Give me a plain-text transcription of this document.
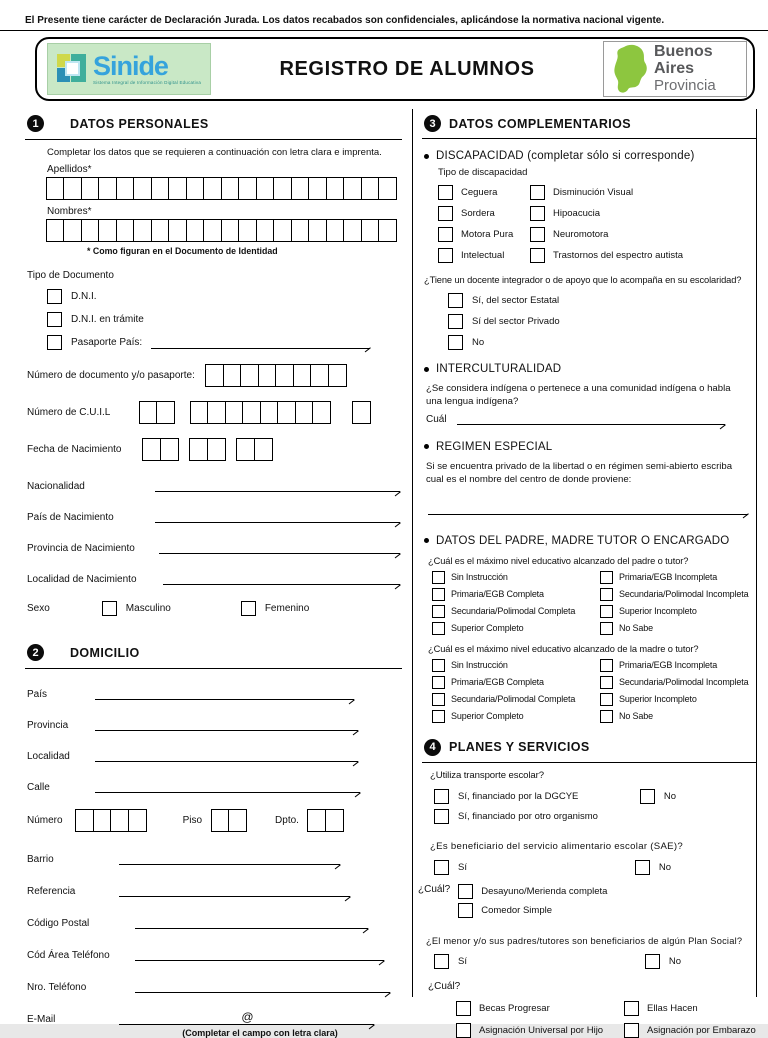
El Presente tiene carácter de Declaración Jurada. Los datos recabados son confidenciales, aplicándose la normativa nacional vigente.
Sinide
Sistema Integral de Información Digital Educativa
REGISTRO DE ALUMNOS
Buenos
Aires
Provincia
1	DATOS PERSONALES
Completar los datos que se requieren a continuación con letra clara e imprenta.
Apellidos*
Nombres*
* Como figuran en el Documento de Identidad
Tipo de Documento
D.N.I.
D.N.I. en trámite
Pasaporte País:
Número de documento y/o pasaporte:
Número de C.U.I.L
Fecha de Nacimiento
Nacionalidad
País de Nacimiento
Provincia de Nacimiento
Localidad de Nacimiento
Sexo	Masculino	Femenino
2	DOMICILIO
País
Provincia
Localidad
Calle
Número	Piso	Dpto.
Barrio
Referencia
Código Postal
Cód Área Teléfono
Nro. Teléfono
E-Mail	@
(Completar el campo con letra clara)
3	DATOS COMPLEMENTARIOS
DISCAPACIDAD (completar sólo si corresponde)
Tipo de discapacidad
Ceguera	Disminución Visual
Sordera	Hipoacucia
Motora Pura	Neuromotora
Intelectual	Trastornos del espectro autista
¿Tiene un docente integrador o de apoyo que lo acompaña en su escolaridad?
Sí, del sector Estatal
Sí del sector Privado
No
INTERCULTURALIDAD
¿Se considera indígena o pertenece a una comunidad indígena o habla una lengua indígena?
Cuál
REGIMEN ESPECIAL
Si se encuentra privado de la libertad o en régimen semi-abierto escriba cual es el nombre del centro de donde proviene:
DATOS DEL PADRE, MADRE TUTOR O ENCARGADO
¿Cuál es el máximo nivel educativo alcanzado del padre o tutor?
Sin Instrucción	Primaria/EGB Incompleta
Primaria/EGB Completa	Secundaria/Polimodal Incompleta
Secundaria/Polimodal Completa	Superior Incompleto
Superior Completo	No Sabe
¿Cuál es el máximo nivel educativo alcanzado de la madre o tutor?
Sin Instrucción	Primaria/EGB Incompleta
Primaria/EGB Completa	Secundaria/Polimodal Incompleta
Secundaria/Polimodal Completa	Superior Incompleto
Superior Completo	No Sabe
4	PLANES Y SERVICIOS
¿Utiliza transporte escolar?
Sí, financiado por la DGCYE	No
Sí, financiado por otro organismo
¿Es beneficiario del servicio alimentario escolar (SAE)?
Sí	No
¿Cuál?	Desayuno/Merienda completa
Comedor Simple
¿El menor y/o sus padres/tutores son beneficiarios de algún Plan Social?
Sí	No
¿Cuál?
Becas Progresar	Ellas Hacen
Asignación Universal por Hijo	Asignación por Embarazo
